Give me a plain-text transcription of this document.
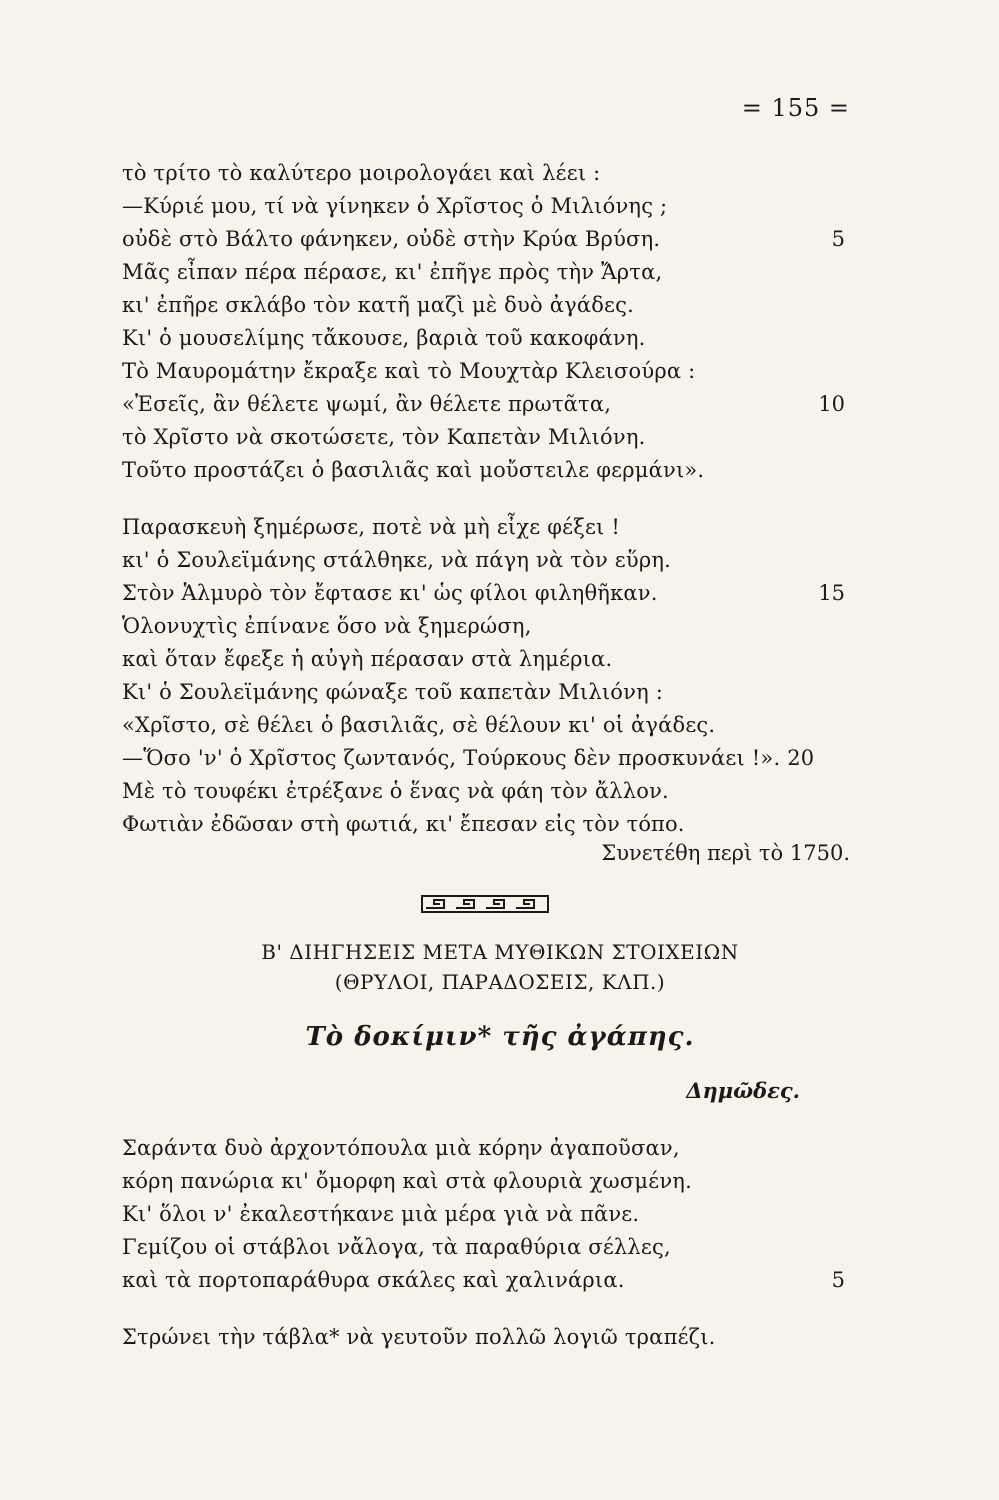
= 155 =
τὸ τρίτο τὸ καλύτερο μοιρολογάει καὶ λέει :
—Κύριέ μου, τί νὰ γίνηκεν ὁ Χρῖστος ὁ Μιλιόνης ;
οὐδὲ στὸ Βάλτο φάνηκεν, οὐδὲ στὴν Κρύα Βρύση.
Μᾶς εἶπαν πέρα πέρασε, κι' ἐπῆγε πρὸς τὴν Ἄρτα,
κι' ἐπῆρε σκλάβο τὸν κατῆ μαζὶ μὲ δυὸ ἀγάδες.
Κι' ὁ μουσελίμης τἄκουσε, βαριὰ τοῦ κακοφάνη.
Τὸ Μαυρομάτην ἔκραξε καὶ τὸ Μουχτὰρ Κλεισούρα :
«Ἐσεῖς, ἂν θέλετε ψωμί, ἂν θέλετε πρωτᾶτα,
τὸ Χρῖστο νὰ σκοτώσετε, τὸν Καπετὰν Μιλιόνη.
Τοῦτο προστάζει ὁ βασιλιᾶς καὶ μοὔστειλε φερμάνι».
Παρασκευὴ ξημέρωσε, ποτὲ νὰ μὴ εἶχε φέξει !
κι' ὁ Σουλεϊμάνης στάλθηκε, νὰ πάγη νὰ τὸν εὕρη.
Στὸν Ἁλμυρὸ τὸν ἔφτασε κι' ὡς φίλοι φιληθῆκαν.
Ὁλονυχτὶς ἐπίνανε ὅσο νὰ ξημερώση,
καὶ ὅταν ἔφεξε ἡ αὐγὴ πέρασαν στὰ λημέρια.
Κι' ὁ Σουλεϊμάνης φώναξε τοῦ καπετὰν Μιλιόνη :
«Χρῖστο, σὲ θέλει ὁ βασιλιᾶς, σὲ θέλουν κι' οἱ ἀγάδες.
—Ὅσο 'ν' ὁ Χρῖστος ζωντανός, Τούρκους δὲν προσκυνάει !». 20
Μὲ τὸ τουφέκι ἐτρέξανε ὁ ἕνας νὰ φάη τὸν ἄλλον.
Φωτιὰν ἐδῶσαν στὴ φωτιά, κι' ἔπεσαν εἰς τὸν τόπο.
5
10
15
Συνετέθη περὶ τὸ 1750.
Β' ΔΙΗΓΗΣΕΙΣ ΜΕΤΑ ΜΥΘΙΚΩΝ ΣΤΟΙΧΕΙΩΝ
(ΘΡΥΛΟΙ, ΠΑΡΑΔΟΣΕΙΣ, ΚΛΠ.)
Τὸ δοκίμιν* τῆς ἀγάπης.
Δημῶδες.
Σαράντα δυὸ ἀρχοντόπουλα μιὰ κόρην ἀγαποῦσαν,
κόρη πανώρια κι' ὄμορφη καὶ στὰ φλουριὰ χωσμένη.
Κι' ὅλοι ν' ἐκαλεστήκανε μιὰ μέρα γιὰ νὰ πᾶνε.
Γεμίζου οἱ στάβλοι νἄλογα, τὰ παραθύρια σέλλες,
καὶ τὰ πορτοπαράθυρα σκάλες καὶ χαλινάρια.
Στρώνει τὴν τάβλα* νὰ γευτοῦν πολλῶ λογιῶ τραπέζι.
5
